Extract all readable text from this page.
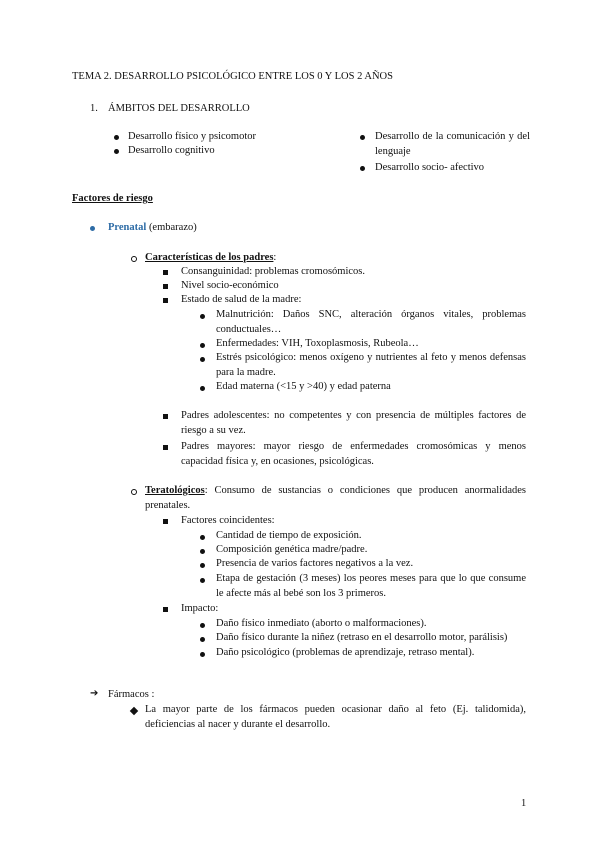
TEMA 2. DESARROLLO PSICOLÓGICO ENTRE LOS 0 Y LOS 2 AÑOS
1. ÁMBITOS DEL DESARROLLO
Desarrollo físico y psicomotor
Desarrollo cognitivo
Desarrollo de la comunicación y del lenguaje
Desarrollo socio- afectivo
Factores de riesgo
Prenatal (embarazo)
Características de los padres:
Consanguinidad: problemas cromosómicos.
Nivel socio-económico
Estado de salud de la madre:
Malnutrición: Daños SNC, alteración órganos vitales, problemas conductuales…
Enfermedades: VIH, Toxoplasmosis, Rubeola…
Estrés psicológico: menos oxígeno y nutrientes al feto y menos defensas para la madre.
Edad materna (<15 y >40) y edad paterna
Padres adolescentes: no competentes y con presencia de múltiples factores de riesgo a su vez.
Padres mayores: mayor riesgo de enfermedades cromosómicas y menos capacidad física y, en ocasiones, psicológicas.
Teratológicos: Consumo de sustancias o condiciones que producen anormalidades prenatales.
Factores coincidentes:
Cantidad de tiempo de exposición.
Composición genética madre/padre.
Presencia de varios factores negativos a la vez.
Etapa de gestación (3 meses) los peores meses para que lo que consume le afecte más al bebé son los 3 primeros.
Impacto:
Daño físico inmediato (aborto o malformaciones).
Daño físico durante la niñez (retraso en el desarrollo motor, parálisis)
Daño psicológico (problemas de aprendizaje, retraso mental).
➔ Fármacos :
La mayor parte de los fármacos pueden ocasionar daño al feto (Ej. talidomida), deficiencias al nacer y durante el desarrollo.
1
